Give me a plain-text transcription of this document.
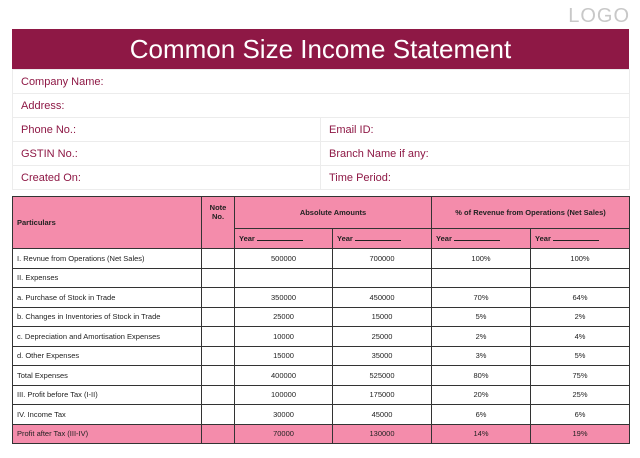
LOGO
Common Size Income Statement
Company Name:	
Address:	
Phone No.:	Email ID:
GSTIN No.:	Branch Name if any:
Created On:	Time Period:
Particulars	Note No.	Absolute Amounts		% of Revenue from Operations (Net Sales)	
		Year	Year	Year	Year
I. Revnue from Operations (Net Sales)		500000	700000	100%	100%
II. Expenses					
a. Purchase of Stock in Trade		350000	450000	70%	64%
b. Changes in Inventories of Stock in Trade		25000	15000	5%	2%
c. Depreciation and Amortisation Expenses		10000	25000	2%	4%
d. Other Expenses		15000	35000	3%	5%
Total Expenses		400000	525000	80%	75%
III. Profit before Tax (I-II)		100000	175000	20%	25%
IV. Income Tax		30000	45000	6%	6%
Profit after Tax (III-IV)		70000	130000	14%	19%
